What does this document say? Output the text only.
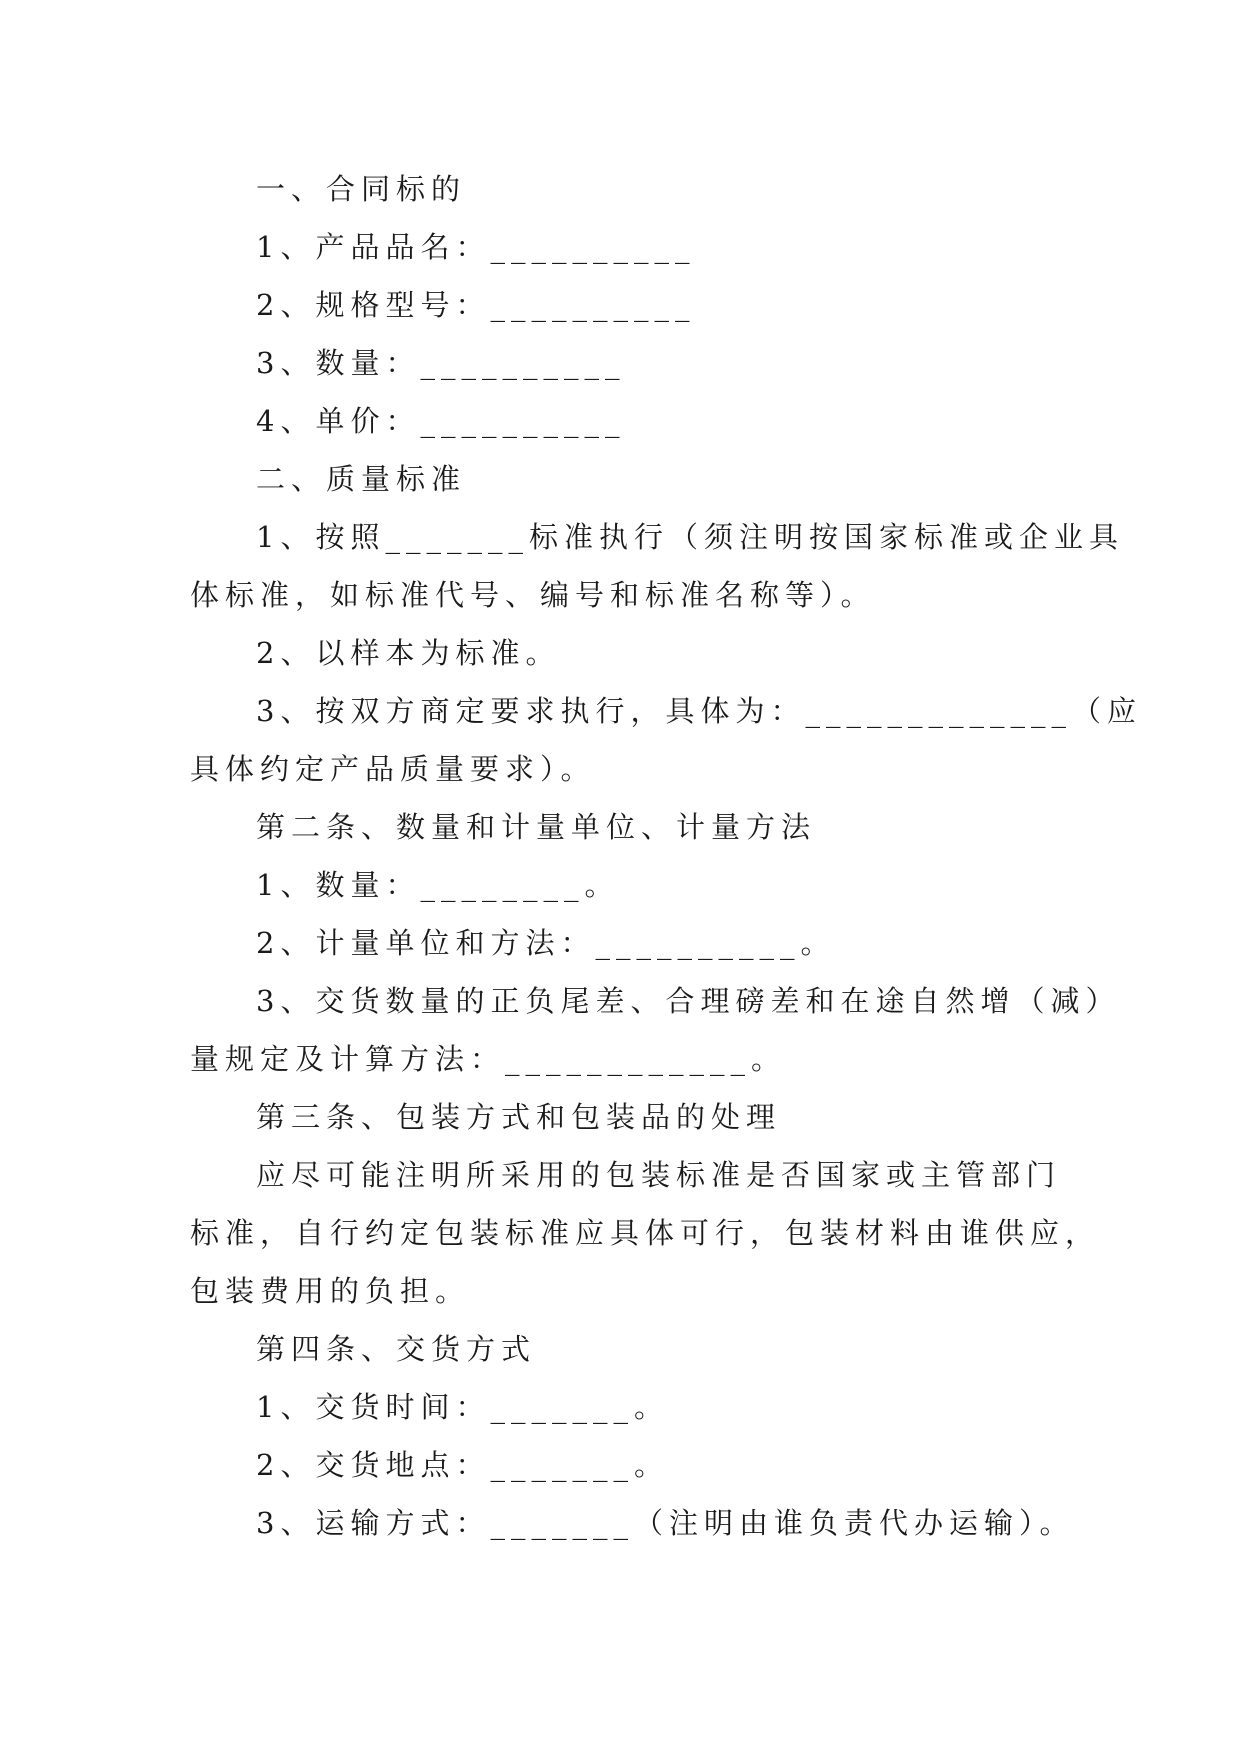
一、合同标的

1、产品品名：__________

2、规格型号：__________

3、数量：__________

4、单价：__________

二、质量标准

1、按照_______标准执行（须注明按国家标准或企业具

体标准，如标准代号、编号和标准名称等）。

2、以样本为标准。

3、按双方商定要求执行，具体为：_____________（应

具体约定产品质量要求）。

第二条、数量和计量单位、计量方法

1、数量：________。

2、计量单位和方法：__________。

3、交货数量的正负尾差、合理磅差和在途自然增（减）

量规定及计算方法：____________。

第三条、包装方式和包装品的处理

应尽可能注明所采用的包装标准是否国家或主管部门

标准，自行约定包装标准应具体可行，包装材料由谁供应，

包装费用的负担。

第四条、交货方式

1、交货时间：_______。

2、交货地点：_______。

3、运输方式：_______（注明由谁负责代办运输）。
